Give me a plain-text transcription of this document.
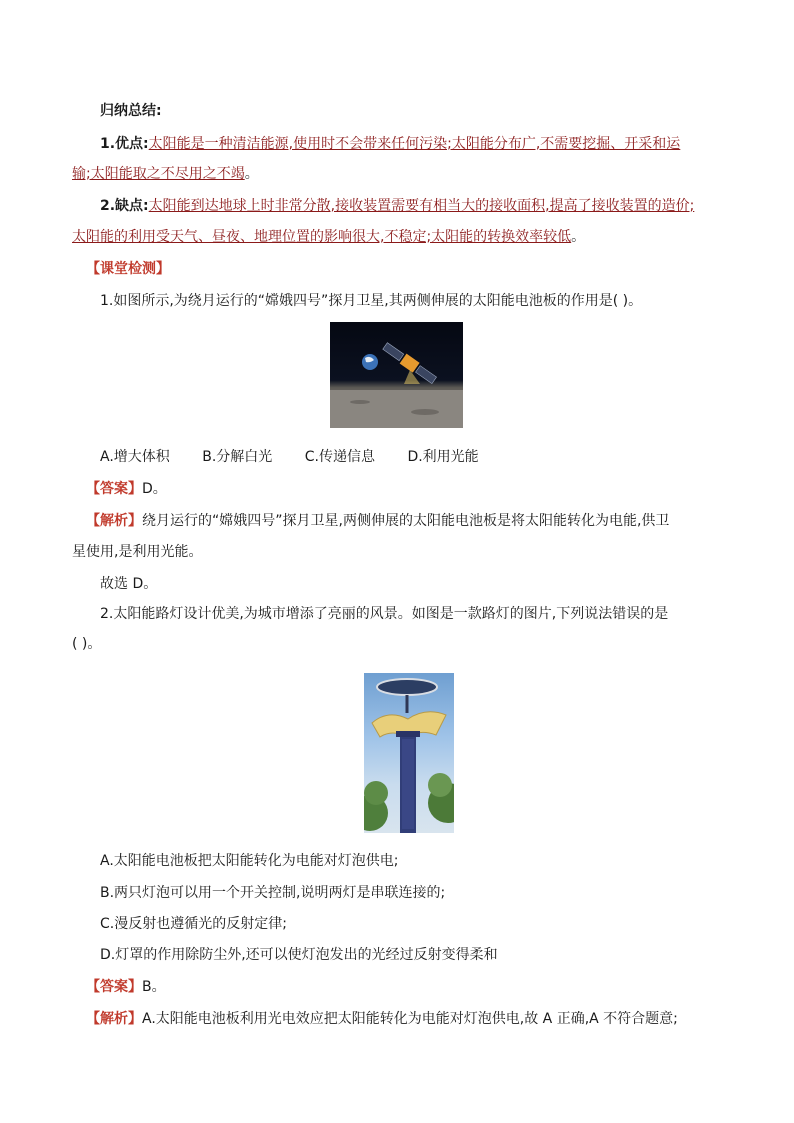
归纳总结:
1.优点:太阳能是一种清洁能源,使用时不会带来任何污染;太阳能分布广,不需要挖掘、开采和运
输;太阳能取之不尽用之不竭。
2.缺点:太阳能到达地球上时非常分散,接收装置需要有相当大的接收面积,提高了接收装置的造价;
太阳能的利用受天气、昼夜、地理位置的影响很大,不稳定;太阳能的转换效率较低。
【课堂检测】
1.如图所示,为绕月运行的“嫦娥四号”探月卫星,其两侧伸展的太阳能电池板的作用是( )。
A.增大体积 B.分解白光 C.传递信息 D.利用光能
【答案】D。
【解析】绕月运行的“嫦娥四号”探月卫星,两侧伸展的太阳能电池板是将太阳能转化为电能,供卫
星使用,是利用光能。
故选 D。
2.太阳能路灯设计优美,为城市增添了亮丽的风景。如图是一款路灯的图片,下列说法错误的是
( )。
A.太阳能电池板把太阳能转化为电能对灯泡供电;
B.两只灯泡可以用一个开关控制,说明两灯是串联连接的;
C.漫反射也遵循光的反射定律;
D.灯罩的作用除防尘外,还可以使灯泡发出的光经过反射变得柔和
【答案】B。
【解析】A.太阳能电池板利用光电效应把太阳能转化为电能对灯泡供电,故 A 正确,A 不符合题意;
